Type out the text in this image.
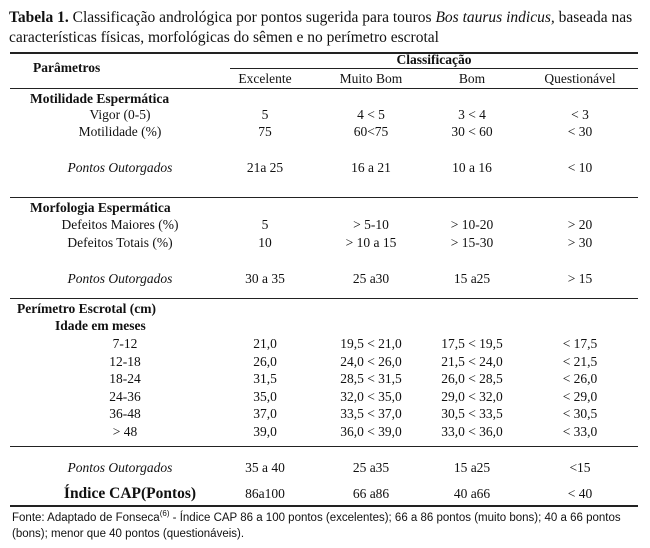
Tabela 1. Classificação andrológica por pontos sugerida para touros Bos taurus indicus, baseada nas características físicas, morfológicas do sêmen e no perímetro escrotal
Parâmetros
Classificação
Excelente	Muito Bom	Bom	Questionável
Motilidade Espermática
Vigor (0-5)	5	4 < 5	3 < 4	< 3
Motilidade (%)	75	60<75	30 < 60	< 30
Pontos Outorgados	21a 25	16 a 21	10 a 16	< 10
Morfologia Espermática
Defeitos Maiores (%)	5	> 5-10	> 10-20	> 20
Defeitos Totais (%)	10	> 10 a 15	> 15-30	> 30
Pontos Outorgados	30 a 35	25 a30	15 a25	> 15
Perímetro Escrotal (cm)
Idade em meses
7-12	21,0	19,5 < 21,0	17,5 < 19,5	< 17,5
12-18	26,0	24,0 < 26,0	21,5 < 24,0	< 21,5
18-24	31,5	28,5 < 31,5	26,0 < 28,5	< 26,0
24-36	35,0	32,0 < 35,0	29,0 < 32,0	< 29,0
36-48	37,0	33,5 < 37,0	30,5 < 33,5	< 30,5
> 48	39,0	36,0 < 39,0	33,0 < 36,0	< 33,0
Pontos Outorgados	35 a 40	25 a35	15 a25	<15
Índice CAP(Pontos)	86a100	66 a86	40 a66	< 40
Fonte: Adaptado de Fonseca$^{(6)}$ - Índice CAP 86 a 100 pontos (excelentes); 66 a 86 pontos (muito bons); 40 a 66 pontos (bons); menor que 40 pontos (questionáveis).
